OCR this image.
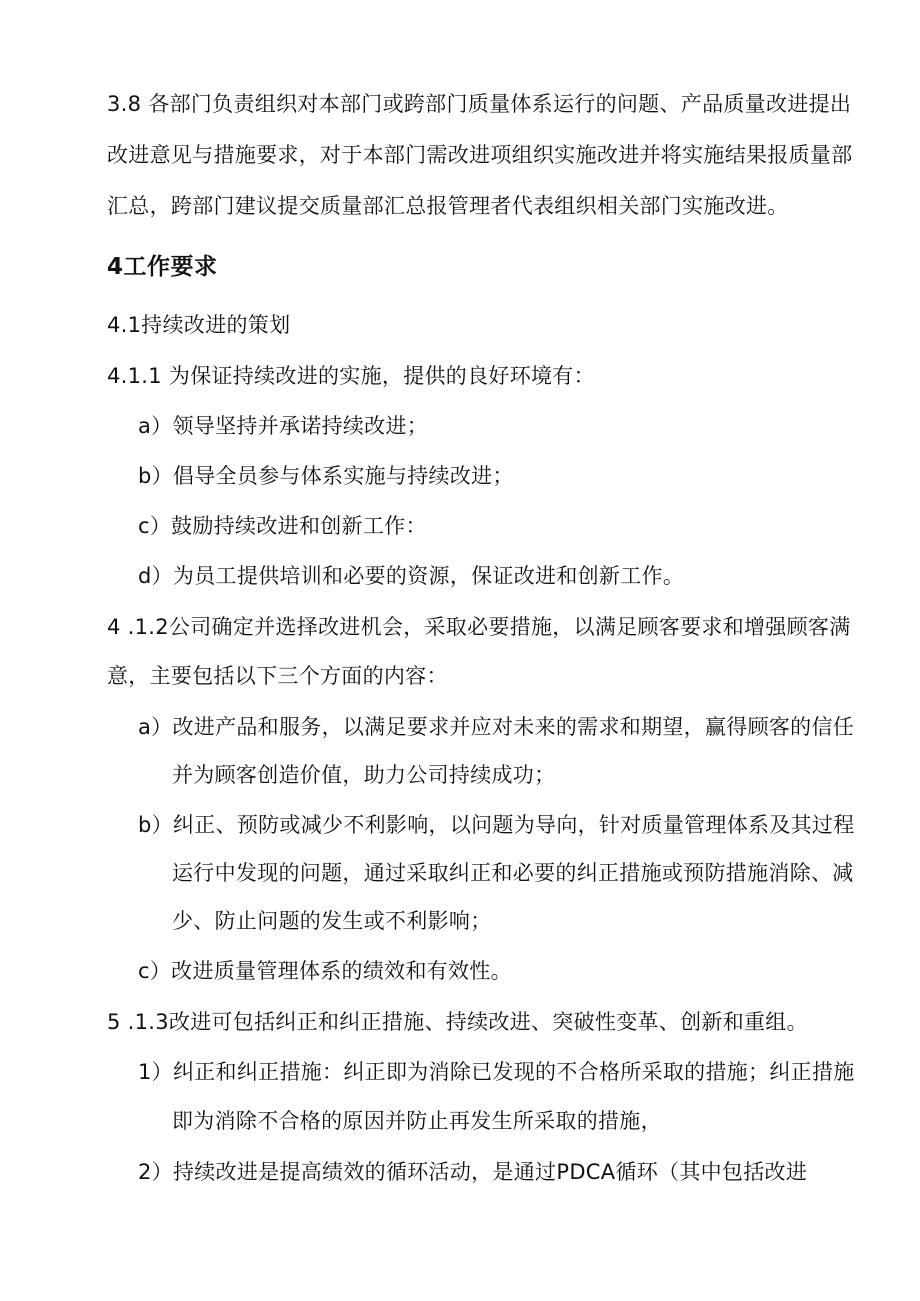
3.8 各部门负责组织对本部门或跨部门质量体系运行的问题、产品质量改进提出
改进意见与措施要求，对于本部门需改进项组织实施改进并将实施结果报质量部
汇总，跨部门建议提交质量部汇总报管理者代表组织相关部门实施改进。
4工作要求
4.1持续改进的策划
4.1.1 为保证持续改进的实施，提供的良好环境有：
a）领导坚持并承诺持续改进；
b）倡导全员参与体系实施与持续改进；
c）鼓励持续改进和创新工作：
d）为员工提供培训和必要的资源，保证改进和创新工作。
4 .1.2公司确定并选择改进机会，采取必要措施，以满足顾客要求和增强顾客满
意，主要包括以下三个方面的内容：
a）改进产品和服务，以满足要求并应对未来的需求和期望，赢得顾客的信任
并为顾客创造价值，助力公司持续成功；
b）纠正、预防或减少不利影响，以问题为导向，针对质量管理体系及其过程
运行中发现的问题，通过采取纠正和必要的纠正措施或预防措施消除、减
少、防止问题的发生或不利影响；
c）改进质量管理体系的绩效和有效性。
5 .1.3改进可包括纠正和纠正措施、持续改进、突破性变革、创新和重组。
1）纠正和纠正措施：纠正即为消除已发现的不合格所采取的措施；纠正措施
即为消除不合格的原因并防止再发生所采取的措施，
2）持续改进是提高绩效的循环活动，是通过PDCA循环（其中包括改进
